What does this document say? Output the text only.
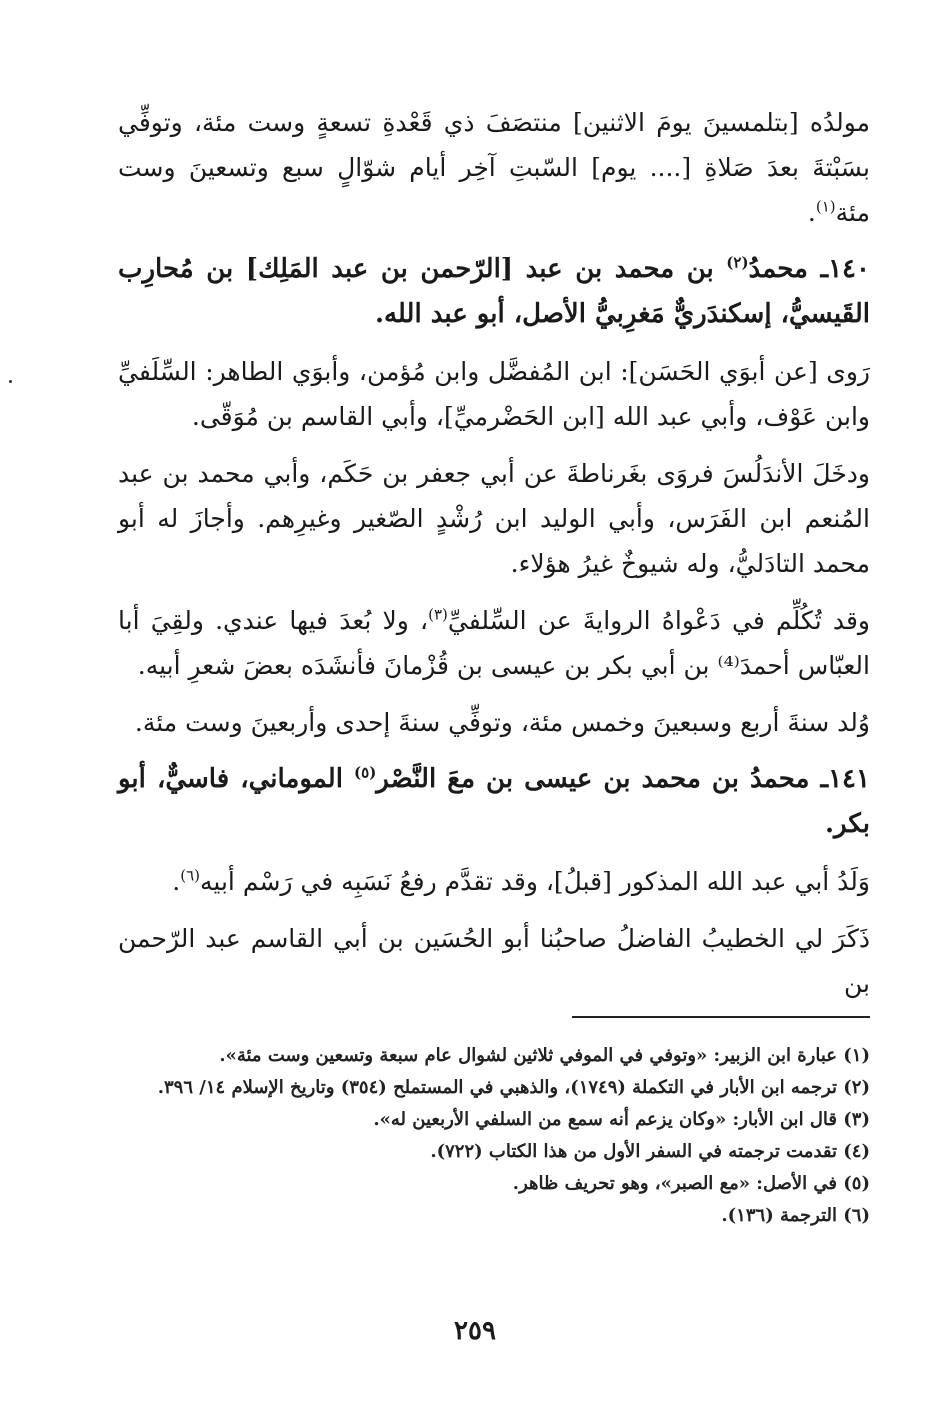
مولدُه [بتلمسينَ يومَ الاثنين] منتصَفَ ذي قَعْدةِ تسعةٍ وست مئة، وتوفِّي بسَبْتةَ بعدَ صَلاةِ [.... يوم] السّبتِ آخِر أيام شوّالٍ سبع وتسعينَ وست مئة$^{(١)}$.

١٤٠ـ محمدُ$^{(٢)}$ بن محمد بن عبد [الرّحمن بن عبد المَلِك] بن مُحارِب القَيسيُّ، إسكندَريٌّ مَغرِبيُّ الأصل، أبو عبد الله.

رَوى [عن أبوَي الحَسَن]: ابن المُفضَّل وابن مُؤمن، وأبوَي الطاهر: السِّلَفيِّ وابن عَوْف، وأبي عبد الله [ابن الحَضْرميِّ]، وأبي القاسم بن مُوَقّى.

ودخَلَ الأندَلُسَ فروَى بغَرناطةَ عن أبي جعفر بن حَكَم، وأبي محمد بن عبد المُنعم ابن الفَرَس، وأبي الوليد ابن رُشْدٍ الصّغير وغيرِهم. وأجازَ له أبو محمد التادَليُّ، وله شيوخٌ غيرُ هؤلاء.

وقد تُكُلِّم في دَعْواهُ الروايةَ عن السِّلفيِّ$^{(٣)}$، ولا بُعدَ فيها عندي. ولقِيَ أبا العبّاس أحمدَ⁽⁴⁾ بن أبي بكر بن عيسى بن قُزْمانَ فأنشَدَه بعضَ شعرِ أبيه.

وُلد سنةَ أربع وسبعينَ وخمس مئة، وتوفِّي سنةَ إحدى وأربعينَ وست مئة.

١٤١ـ محمدُ بن محمد بن عيسى بن معَ النَّصْر$^{(٥)}$ الموماني، فاسيٌّ، أبو بكر.

وَلَدُ أبي عبد الله المذكور [قبلُ]، وقد تقدَّم رفعُ نَسَبِه في رَسْم أبيه$^{(٦)}$.

ذَكَرَ لي الخطيبُ الفاضلُ صاحبُنا أبو الحُسَين بن أبي القاسم عبد الرّحمن بن

(١) عبارة ابن الزبير: «وتوفي في الموفي ثلاثين لشوال عام سبعة وتسعين وست مئة».

(٢) ترجمه ابن الأبار في التكملة (١٧٤٩)، والذهبي في المستملح (٣٥٤) وتاريخ الإسلام ١٤/ ٣٩٦.

(٣) قال ابن الأبار: «وكان يزعم أنه سمع من السلفي الأربعين له».

(٤) تقدمت ترجمته في السفر الأول من هذا الكتاب (٧٢٢).

(٥) في الأصل: «مع الصبر»، وهو تحريف ظاهر.

(٦) الترجمة (١٣٦).

٢٥٩
